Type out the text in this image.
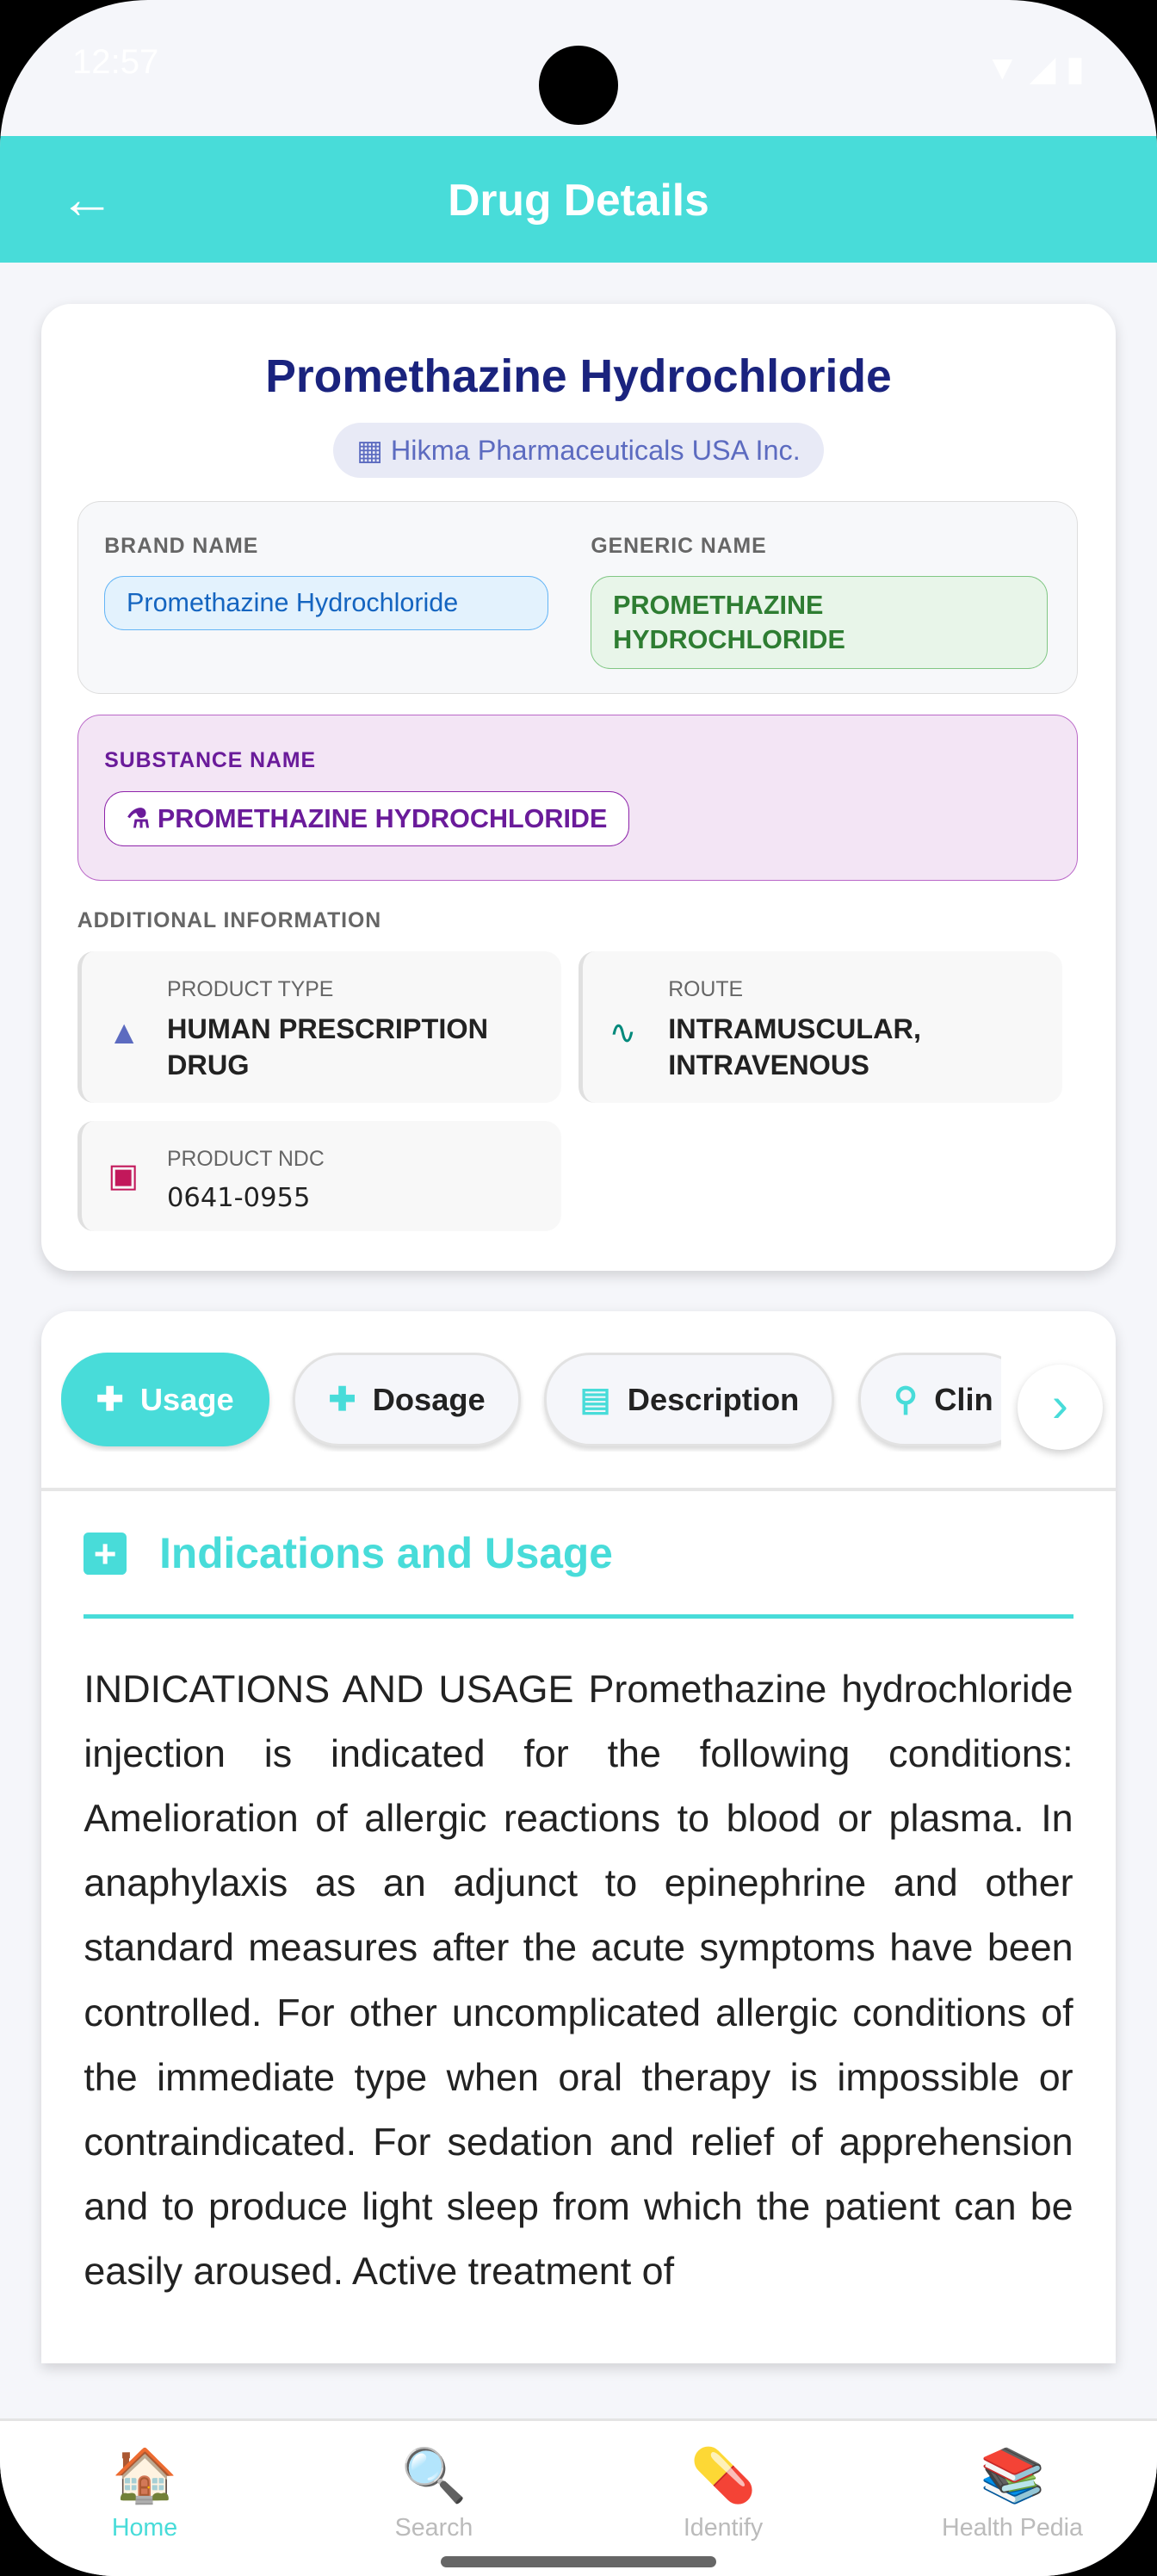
12:57	▼ ◢ ▮
←	Drug Details
Promethazine Hydrochloride
▦ Hikma Pharmaceuticals USA Inc.
BRAND NAME
Promethazine Hydrochloride
GENERIC NAME
PROMETHAZINE HYDROCHLORIDE
SUBSTANCE NAME
⚗ PROMETHAZINE HYDROCHLORIDE
ADDITIONAL INFORMATION
▲
PRODUCT TYPE
HUMAN PRESCRIPTION DRUG
∿
ROUTE
INTRAMUSCULAR, INTRAVENOUS
▣	PRODUCT NDC
0641-0955
✚ Usage
	✚ Dosage
	▤ Description
	⚲ Clin	›
+ Indications and Usage
INDICATIONS AND USAGE Promethazine hydrochloride injection is indicated for the following conditions: Amelioration of allergic reactions to blood or plasma. In anaphylaxis as an adjunct to epinephrine and other standard measures after the acute symptoms have been controlled. For other uncomplicated allergic conditions of the immediate type when oral therapy is impossible or contraindicated. For sedation and relief of apprehension and to produce light sleep from which the patient can be easily aroused. Active treatment of
🏠
Home
🔍
Search
💊
Identify
📚
Health Pedia
